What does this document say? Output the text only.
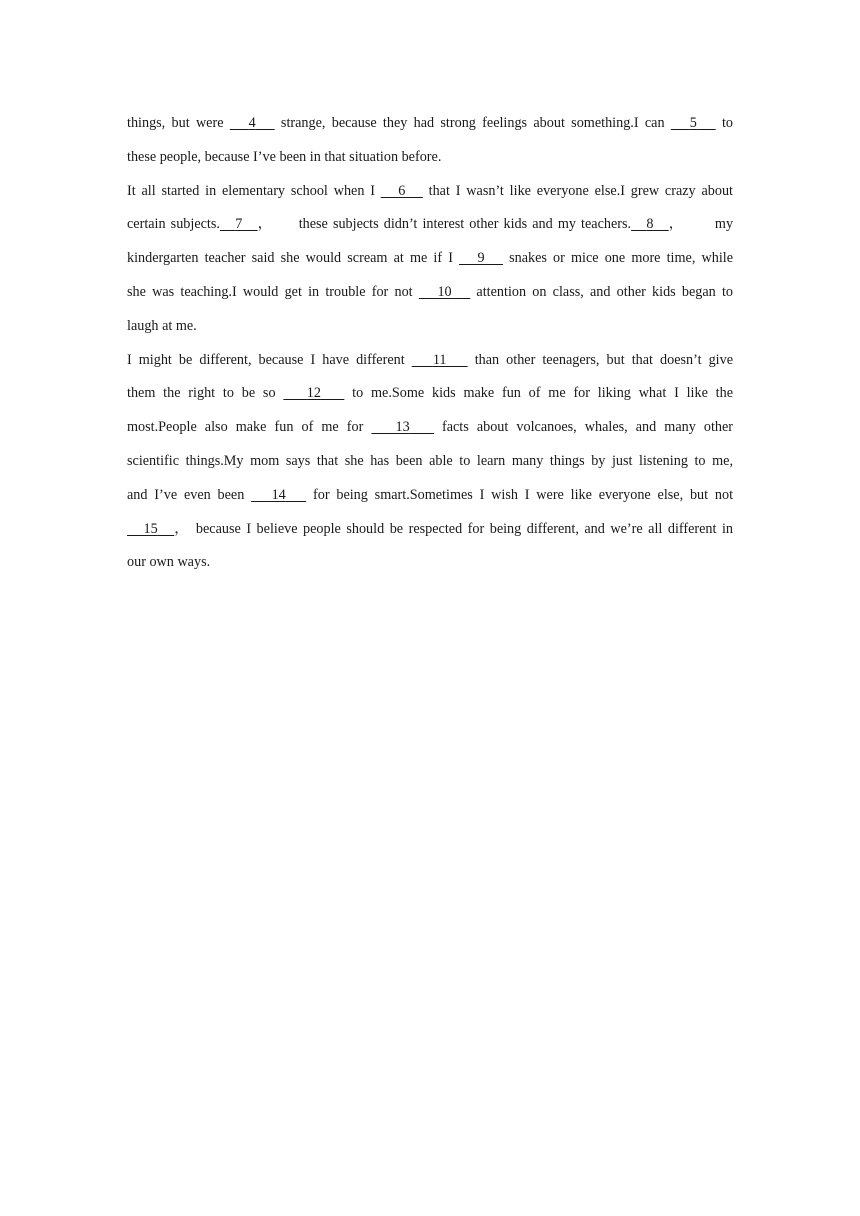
things, but were    4    strange, because they had strong feelings about something.I can    5    to
these people, because I’ve been in that situation before.
It all started in elementary school when I    6    that I wasn’t like everyone else.I grew crazy about
certain subjects. 7 ，     these subjects didn’t interest other kids and my teachers. 8 ，      my
kindergarten teacher said she would scream at me if I    9    snakes or mice one more time, while
she was teaching.I would get in trouble for not    10    attention on class, and other kids began to
laugh at me.
I might be different, because I have different    11    than other teenagers, but that doesn’t give
them the right to be so    12    to me.Some kids make fun of me for liking what I like the
most.People also make fun of me for    13    facts about volcanoes, whales, and many other
scientific things.My mom says that she has been able to learn many things by just listening to me,
and I’ve even been    14    for being smart.Sometimes I wish I were like everyone else, but not
15 ， because I believe people should be respected for being different, and we’re all different in
our own ways.
